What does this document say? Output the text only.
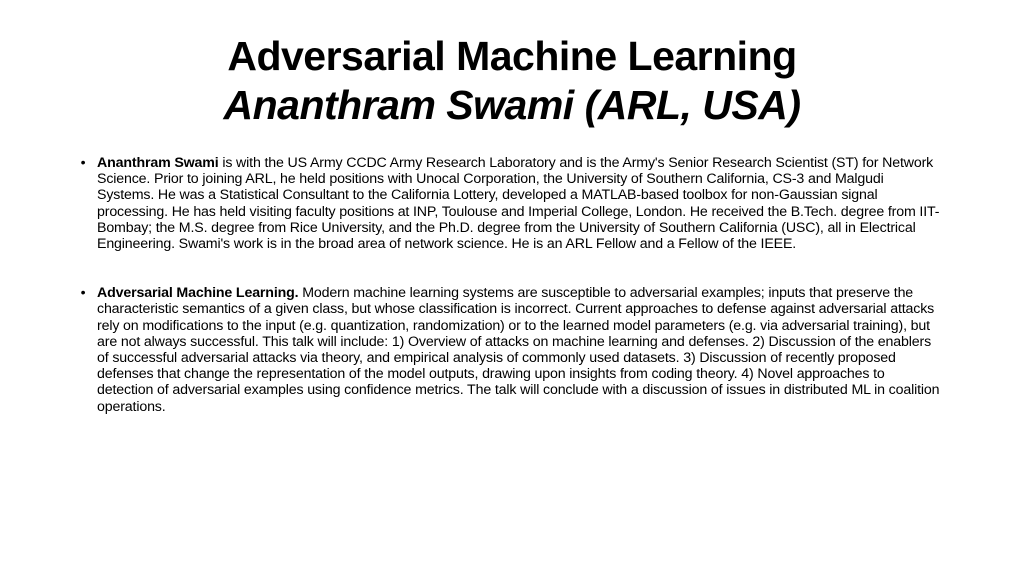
Adversarial Machine Learning
Ananthram Swami (ARL, USA)
• Ananthram Swami is with the US Army CCDC Army Research Laboratory and is the Army's Senior Research Scientist (ST) for Network Science. Prior to joining ARL, he held positions with Unocal Corporation, the University of Southern California, CS-3 and Malgudi Systems. He was a Statistical Consultant to the California Lottery, developed a MATLAB-based toolbox for non-Gaussian signal processing. He has held visiting faculty positions at INP, Toulouse and Imperial College, London. He received the B.Tech. degree from IIT-Bombay; the M.S. degree from Rice University, and the Ph.D. degree from the University of Southern California (USC), all in Electrical Engineering. Swami's work is in the broad area of network science. He is an ARL Fellow and a Fellow of the IEEE.
• Adversarial Machine Learning. Modern machine learning systems are susceptible to adversarial examples; inputs that preserve the characteristic semantics of a given class, but whose classification is incorrect. Current approaches to defense against adversarial attacks rely on modifications to the input (e.g. quantization, randomization) or to the learned model parameters (e.g. via adversarial training), but are not always successful. This talk will include: 1) Overview of attacks on machine learning and defenses. 2) Discussion of the enablers of successful adversarial attacks via theory, and empirical analysis of commonly used datasets. 3) Discussion of recently proposed defenses that change the representation of the model outputs, drawing upon insights from coding theory. 4) Novel approaches to detection of adversarial examples using confidence metrics. The talk will conclude with a discussion of issues in distributed ML in coalition operations.
